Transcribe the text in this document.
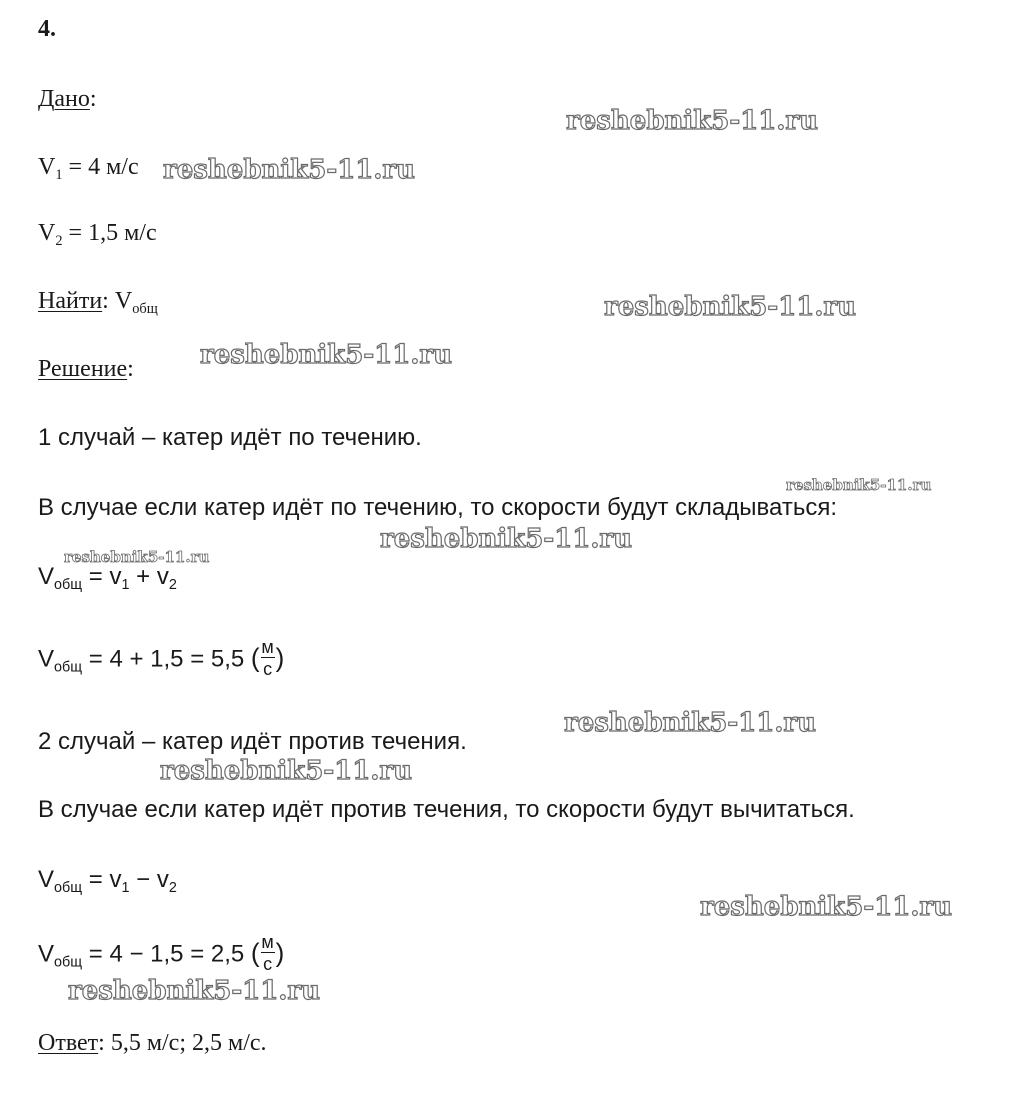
4.
Дано:
$V_1 = 4$ м/с
$V_2 = 1,5$ м/с
Найти: $V_{общ}$
Решение:
1 случай – катер идёт по течению.
В случае если катер идёт по течению, то скорости будут складываться:
$V_{общ} = v_1 + v_2$
$V_{общ} = 4 + 1,5 = 5,5$ ( $\frac{м}{с}$ )
2 случай – катер идёт против течения.
В случае если катер идёт против течения, то скорости будут вычитаться.
$V_{общ} = v_1 - v_2$
$V_{общ} = 4 - 1,5 = 2,5$ ( $\frac{м}{с}$ )
Ответ: 5,5 м/с; 2,5 м/с.
reshebnik5-11.ru
reshebnik5-11.ru
reshebnik5-11.ru
reshebnik5-11.ru
reshebnik5-11.ru
reshebnik5-11.ru
reshebnik5-11.ru
reshebnik5-11.ru
reshebnik5-11.ru
reshebnik5-11.ru
reshebnik5-11.ru
